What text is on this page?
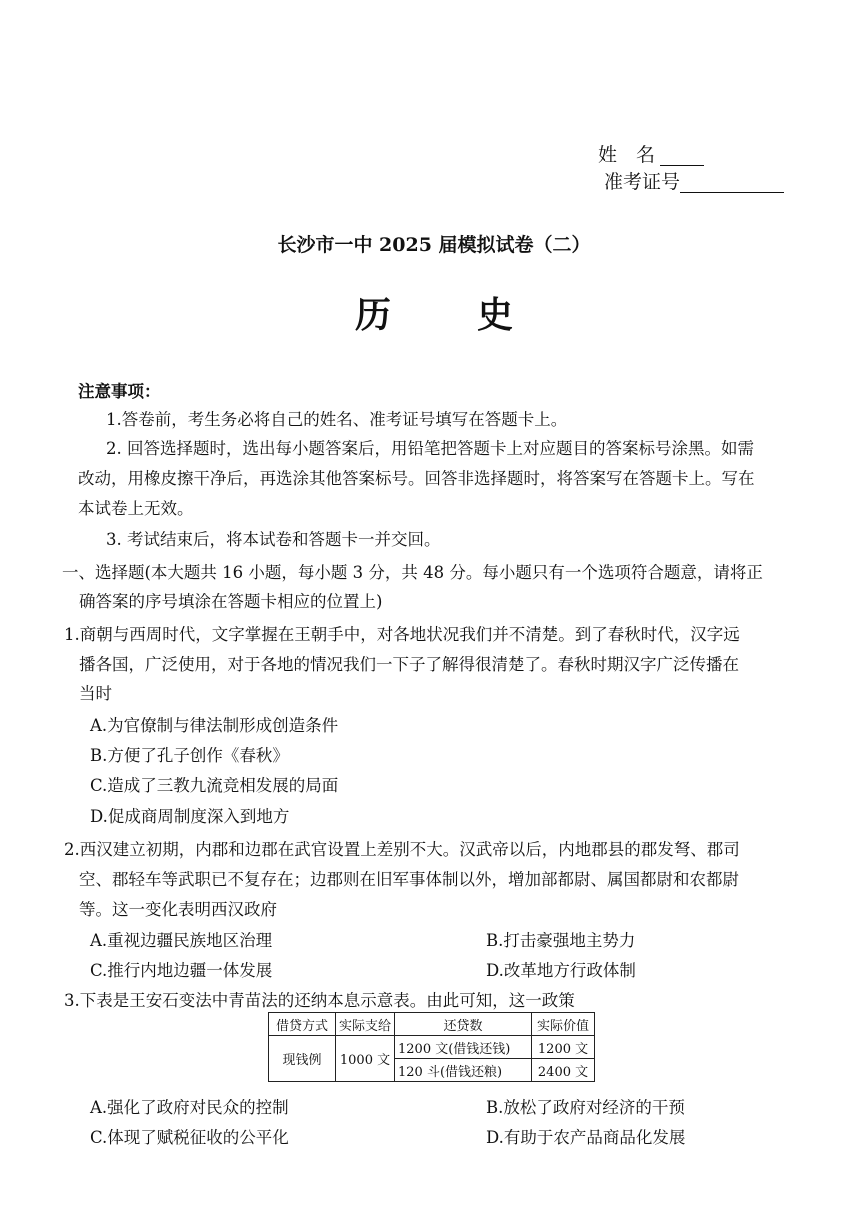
姓　名
准考证号
长沙市一中 2025 届模拟试卷（二）
历 史
注意事项：
1.答卷前，考生务必将自己的姓名、准考证号填写在答题卡上。
2. 回答选择题时，选出每小题答案后，用铅笔把答题卡上对应题目的答案标号涂黑。如需
改动，用橡皮擦干净后，再选涂其他答案标号。回答非选择题时，将答案写在答题卡上。写在
本试卷上无效。
3. 考试结束后，将本试卷和答题卡一并交回。
一、选择题(本大题共 16 小题，每小题 3 分，共 48 分。每小题只有一个选项符合题意，请将正
确答案的序号填涂在答题卡相应的位置上)
1.商朝与西周时代，文字掌握在王朝手中，对各地状况我们并不清楚。到了春秋时代，汉字远
播各国，广泛使用，对于各地的情况我们一下子了解得很清楚了。春秋时期汉字广泛传播在
当时
A.为官僚制与律法制形成创造条件
B.方便了孔子创作《春秋》
C.造成了三教九流竞相发展的局面
D.促成商周制度深入到地方
2.西汉建立初期，内郡和边郡在武官设置上差别不大。汉武帝以后，内地郡县的郡发弩、郡司
空、郡轻车等武职已不复存在；边郡则在旧军事体制以外，增加部都尉、属国都尉和农都尉
等。这一变化表明西汉政府
A.重视边疆民族地区治理	B.打击豪强地主势力
C.推行内地边疆一体发展	D.改革地方行政体制
3.下表是王安石变法中青苗法的还纳本息示意表。由此可知，这一政策
借贷方式	实际支给	还贷数	实际价值
现钱例	1000 文	1200 文(借钱还钱)	1200 文
		120 斗(借钱还粮)	2400 文
A.强化了政府对民众的控制	B.放松了政府对经济的干预
C.体现了赋税征收的公平化	D.有助于农产品商品化发展
